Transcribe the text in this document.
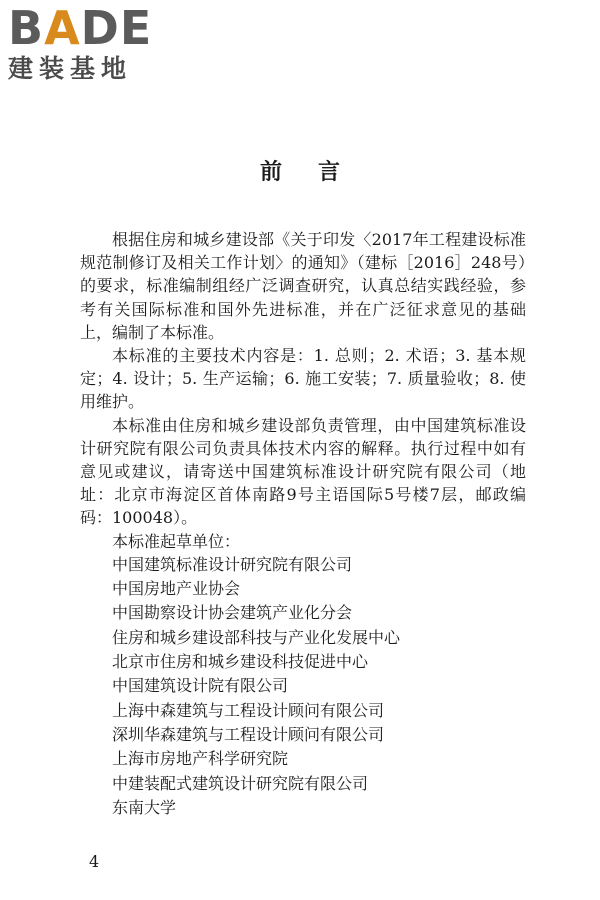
BADE
建装基地
前言

根据住房和城乡建设部《关于印发〈2017年工程建设标准规范制修订及相关工作计划〉的通知》（建标［2016］248号）的要求，标准编制组经广泛调查研究，认真总结实践经验，参考有关国际标准和国外先进标准，并在广泛征求意见的基础上，编制了本标准。

本标准的主要技术内容是：1. 总则；2. 术语；3. 基本规定；4. 设计；5. 生产运输；6. 施工安装；7. 质量验收；8. 使用维护。

本标准由住房和城乡建设部负责管理，由中国建筑标准设计研究院有限公司负责具体技术内容的解释。执行过程中如有意见或建议，请寄送中国建筑标准设计研究院有限公司（地址：北京市海淀区首体南路9号主语国际5号楼7层，邮政编码：100048）。

本标准起草单位：
中国建筑标准设计研究院有限公司
中国房地产业协会
中国勘察设计协会建筑产业化分会
住房和城乡建设部科技与产业化发展中心
北京市住房和城乡建设科技促进中心
中国建筑设计院有限公司
上海中森建筑与工程设计顾问有限公司
深圳华森建筑与工程设计顾问有限公司
上海市房地产科学研究院
中建装配式建筑设计研究院有限公司
东南大学
4
